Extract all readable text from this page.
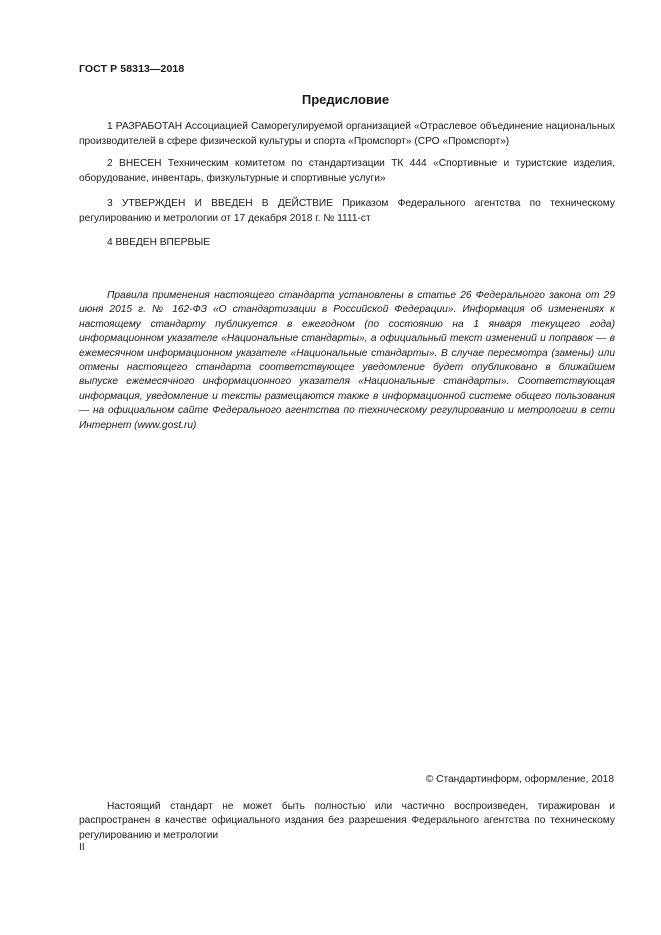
ГОСТ Р 58313—2018
Предисловие
1 РАЗРАБОТАН Ассоциацией Саморегулируемой организацией «Отраслевое объединение национальных производителей в сфере физической культуры и спорта «Промспорт» (СРО «Промспорт»)
2 ВНЕСЕН Техническим комитетом по стандартизации ТК 444 «Спортивные и туристские изделия, оборудование, инвентарь, физкультурные и спортивные услуги»
3 УТВЕРЖДЕН И ВВЕДЕН В ДЕЙСТВИЕ Приказом Федерального агентства по техническому регулированию и метрологии от 17 декабря 2018 г. № 1111-ст
4 ВВЕДЕН ВПЕРВЫЕ
Правила применения настоящего стандарта установлены в статье 26 Федерального закона от 29 июня 2015 г. № 162-ФЗ «О стандартизации в Российской Федерации». Информация об изменениях к настоящему стандарту публикуется в ежегодном (по состоянию на 1 января текущего года) информационном указателе «Национальные стандарты», а официальный текст изменений и поправок — в ежемесячном информационном указателе «Национальные стандарты». В случае пересмотра (замены) или отмены настоящего стандарта соответствующее уведомление будет опубликовано в ближайшем выпуске ежемесячного информационного указателя «Национальные стандарты». Соответствующая информация, уведомление и тексты размещаются также в информационной системе общего пользования — на официальном сайте Федерального агентства по техническому регулированию и метрологии в сети Интернет (www.gost.ru)
© Стандартинформ, оформление, 2018
Настоящий стандарт не может быть полностью или частично воспроизведен, тиражирован и распространен в качестве официального издания без разрешения Федерального агентства по техническому регулированию и метрологии
II
